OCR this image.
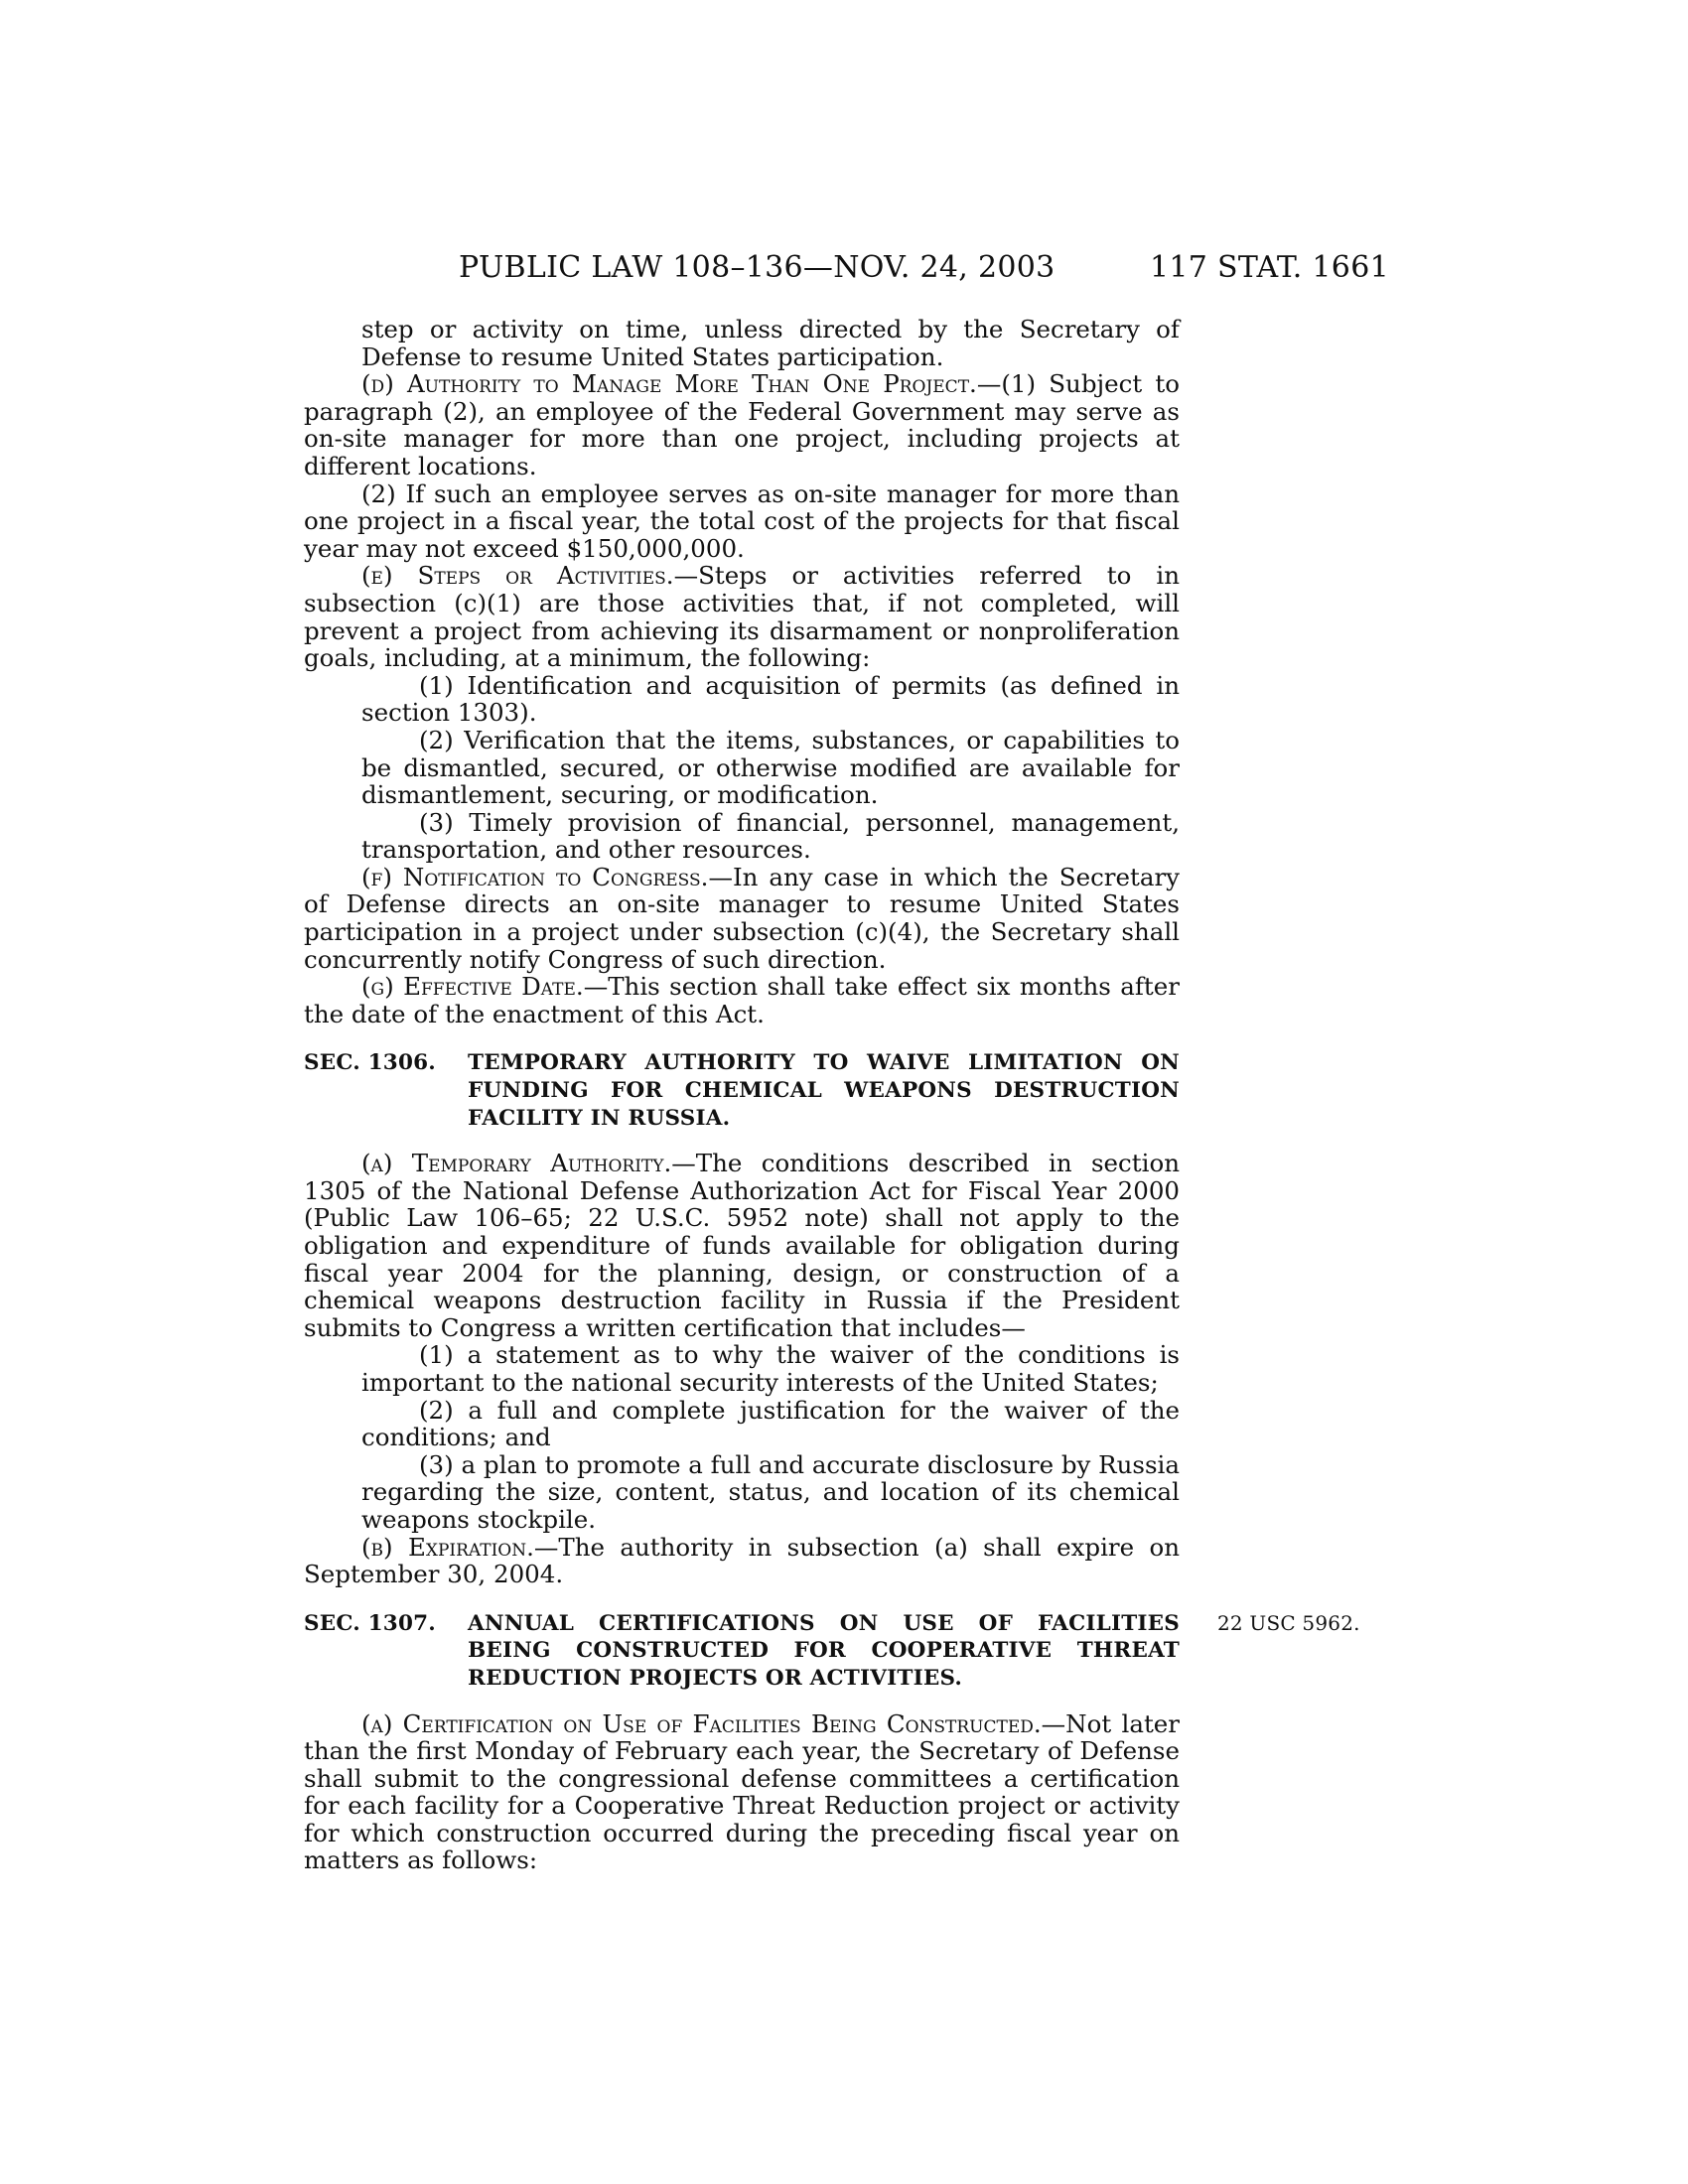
PUBLIC LAW 108–136—NOV. 24, 2003	117 STAT. 1661

step or activity on time, unless directed by the Secretary of Defense to resume United States participation.

(d) Authority to Manage More Than One Project.—(1) Subject to paragraph (2), an employee of the Federal Government may serve as on-site manager for more than one project, including projects at different locations.

(2) If such an employee serves as on-site manager for more than one project in a fiscal year, the total cost of the projects for that fiscal year may not exceed $150,000,000.

(e) Steps or Activities.—Steps or activities referred to in subsection (c)(1) are those activities that, if not completed, will prevent a project from achieving its disarmament or nonproliferation goals, including, at a minimum, the following:

(1) Identification and acquisition of permits (as defined in section 1303).

(2) Verification that the items, substances, or capabilities to be dismantled, secured, or otherwise modified are available for dismantlement, securing, or modification.

(3) Timely provision of financial, personnel, management, transportation, and other resources.

(f) Notification to Congress.—In any case in which the Secretary of Defense directs an on-site manager to resume United States participation in a project under subsection (c)(4), the Secretary shall concurrently notify Congress of such direction.

(g) Effective Date.—This section shall take effect six months after the date of the enactment of this Act.

SEC. 1306.	TEMPORARY AUTHORITY TO WAIVE LIMITATION ON FUNDING FOR CHEMICAL WEAPONS DESTRUCTION FACILITY IN RUSSIA.

(a) Temporary Authority.—The conditions described in section 1305 of the National Defense Authorization Act for Fiscal Year 2000 (Public Law 106–65; 22 U.S.C. 5952 note) shall not apply to the obligation and expenditure of funds available for obligation during fiscal year 2004 for the planning, design, or construction of a chemical weapons destruction facility in Russia if the President submits to Congress a written certification that includes—

(1) a statement as to why the waiver of the conditions is important to the national security interests of the United States;

(2) a full and complete justification for the waiver of the conditions; and

(3) a plan to promote a full and accurate disclosure by Russia regarding the size, content, status, and location of its chemical weapons stockpile.

(b) Expiration.—The authority in subsection (a) shall expire on September 30, 2004.

SEC. 1307.	ANNUAL CERTIFICATIONS ON USE OF FACILITIES BEING CONSTRUCTED FOR COOPERATIVE THREAT REDUCTION PROJECTS OR ACTIVITIES.
22 USC 5962.

(a) Certification on Use of Facilities Being Constructed.—Not later than the first Monday of February each year, the Secretary of Defense shall submit to the congressional defense committees a certification for each facility for a Cooperative Threat Reduction project or activity for which construction occurred during the preceding fiscal year on matters as follows:
